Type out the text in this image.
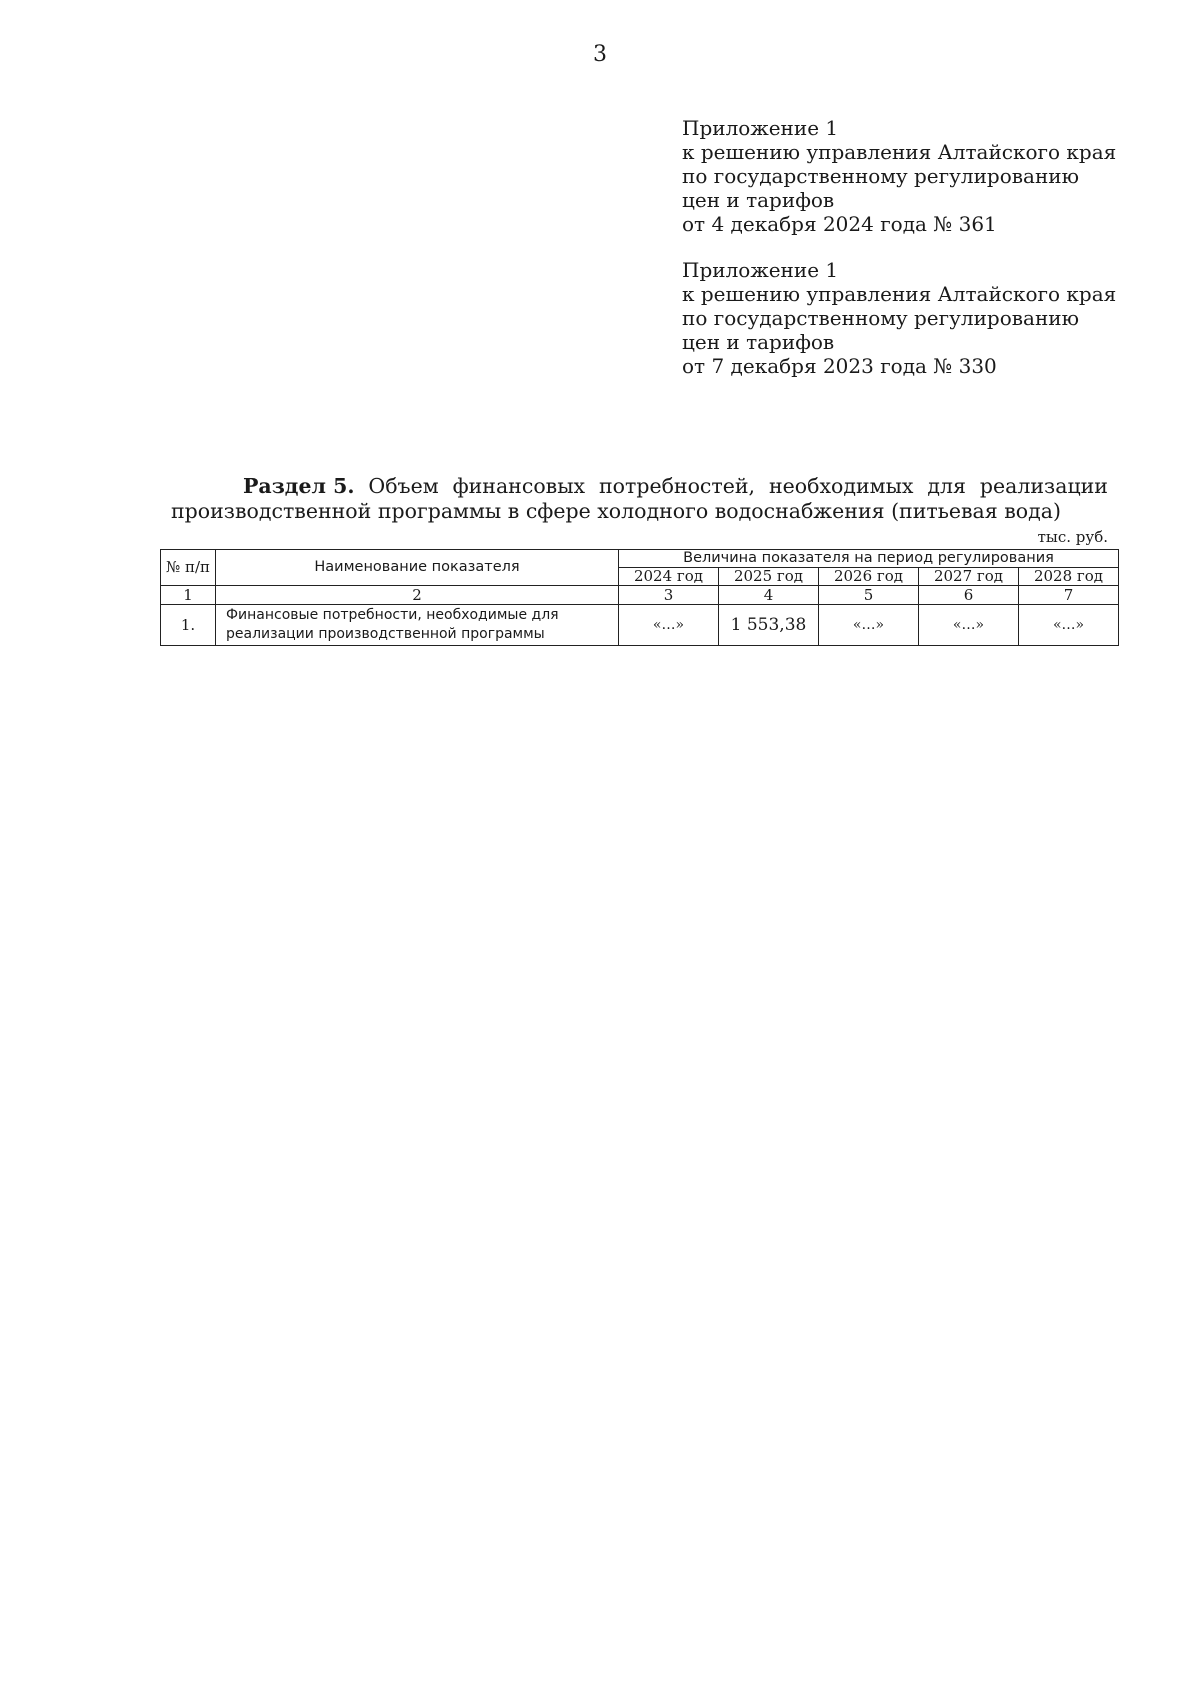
3
Приложение 1
к решению управления Алтайского края
по государственному регулированию
цен и тарифов
от 4 декабря 2024 года № 361
Приложение 1
к решению управления Алтайского края
по государственному регулированию
цен и тарифов
от 7 декабря 2023 года № 330
Раздел 5. Объем финансовых потребностей, необходимых для реализации
производственной программы в сфере холодного водоснабжения (питьевая вода)
тыс. руб.
№ п/п	Наименование показателя	Величина показателя на период регулирования				
		2024 год	2025 год	2026 год	2027 год	2028 год
1	2	3	4	5	6	7
1.	Финансовые потребности, необходимые для реализации производственной программы	«…»	1 553,38	«…»	«…»	«…»
